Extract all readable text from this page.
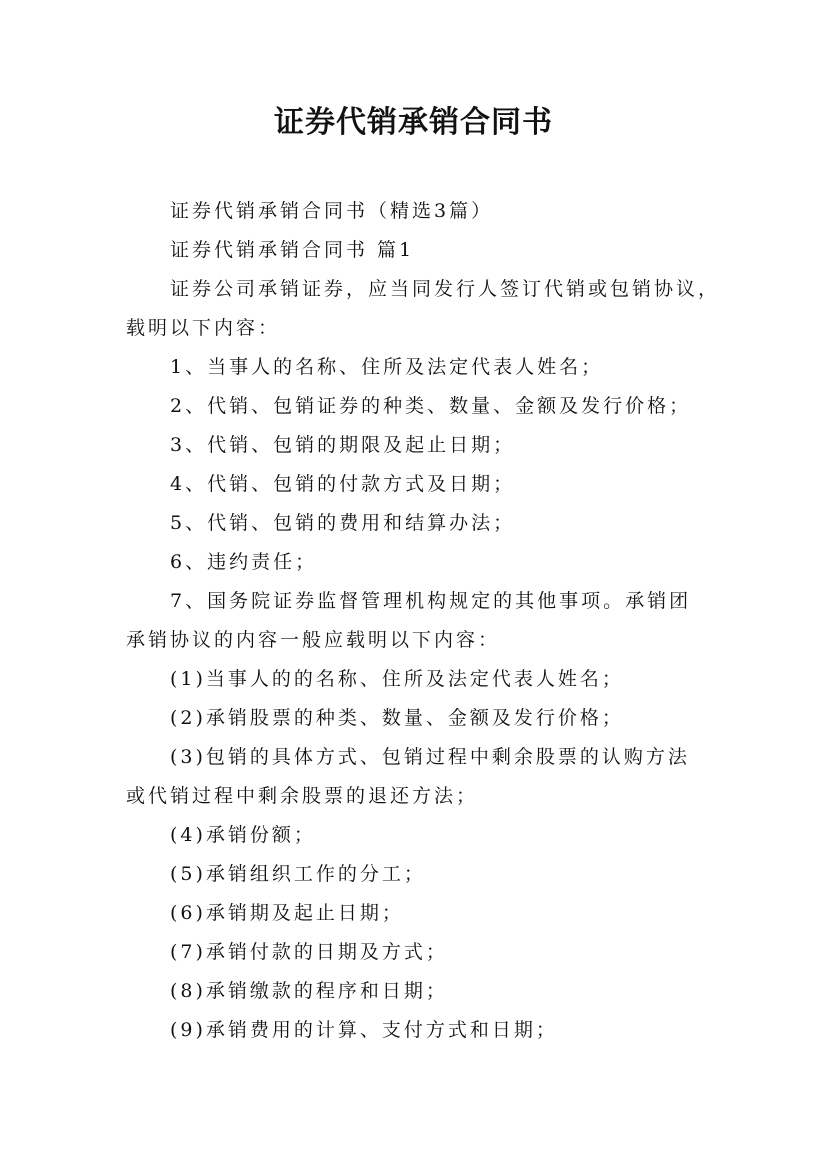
证券代销承销合同书
证券代销承销合同书（精选3篇）
证券代销承销合同书 篇1
证券公司承销证券，应当同发行人签订代销或包销协议，
载明以下内容：
1、当事人的名称、住所及法定代表人姓名；
2、代销、包销证券的种类、数量、金额及发行价格；
3、代销、包销的期限及起止日期；
4、代销、包销的付款方式及日期；
5、代销、包销的费用和结算办法；
6、违约责任；
7、国务院证券监督管理机构规定的其他事项。承销团
承销协议的内容一般应载明以下内容：
(1)当事人的的名称、住所及法定代表人姓名；
(2)承销股票的种类、数量、金额及发行价格；
(3)包销的具体方式、包销过程中剩余股票的认购方法
或代销过程中剩余股票的退还方法；
(4)承销份额；
(5)承销组织工作的分工；
(6)承销期及起止日期；
(7)承销付款的日期及方式；
(8)承销缴款的程序和日期；
(9)承销费用的计算、支付方式和日期；
